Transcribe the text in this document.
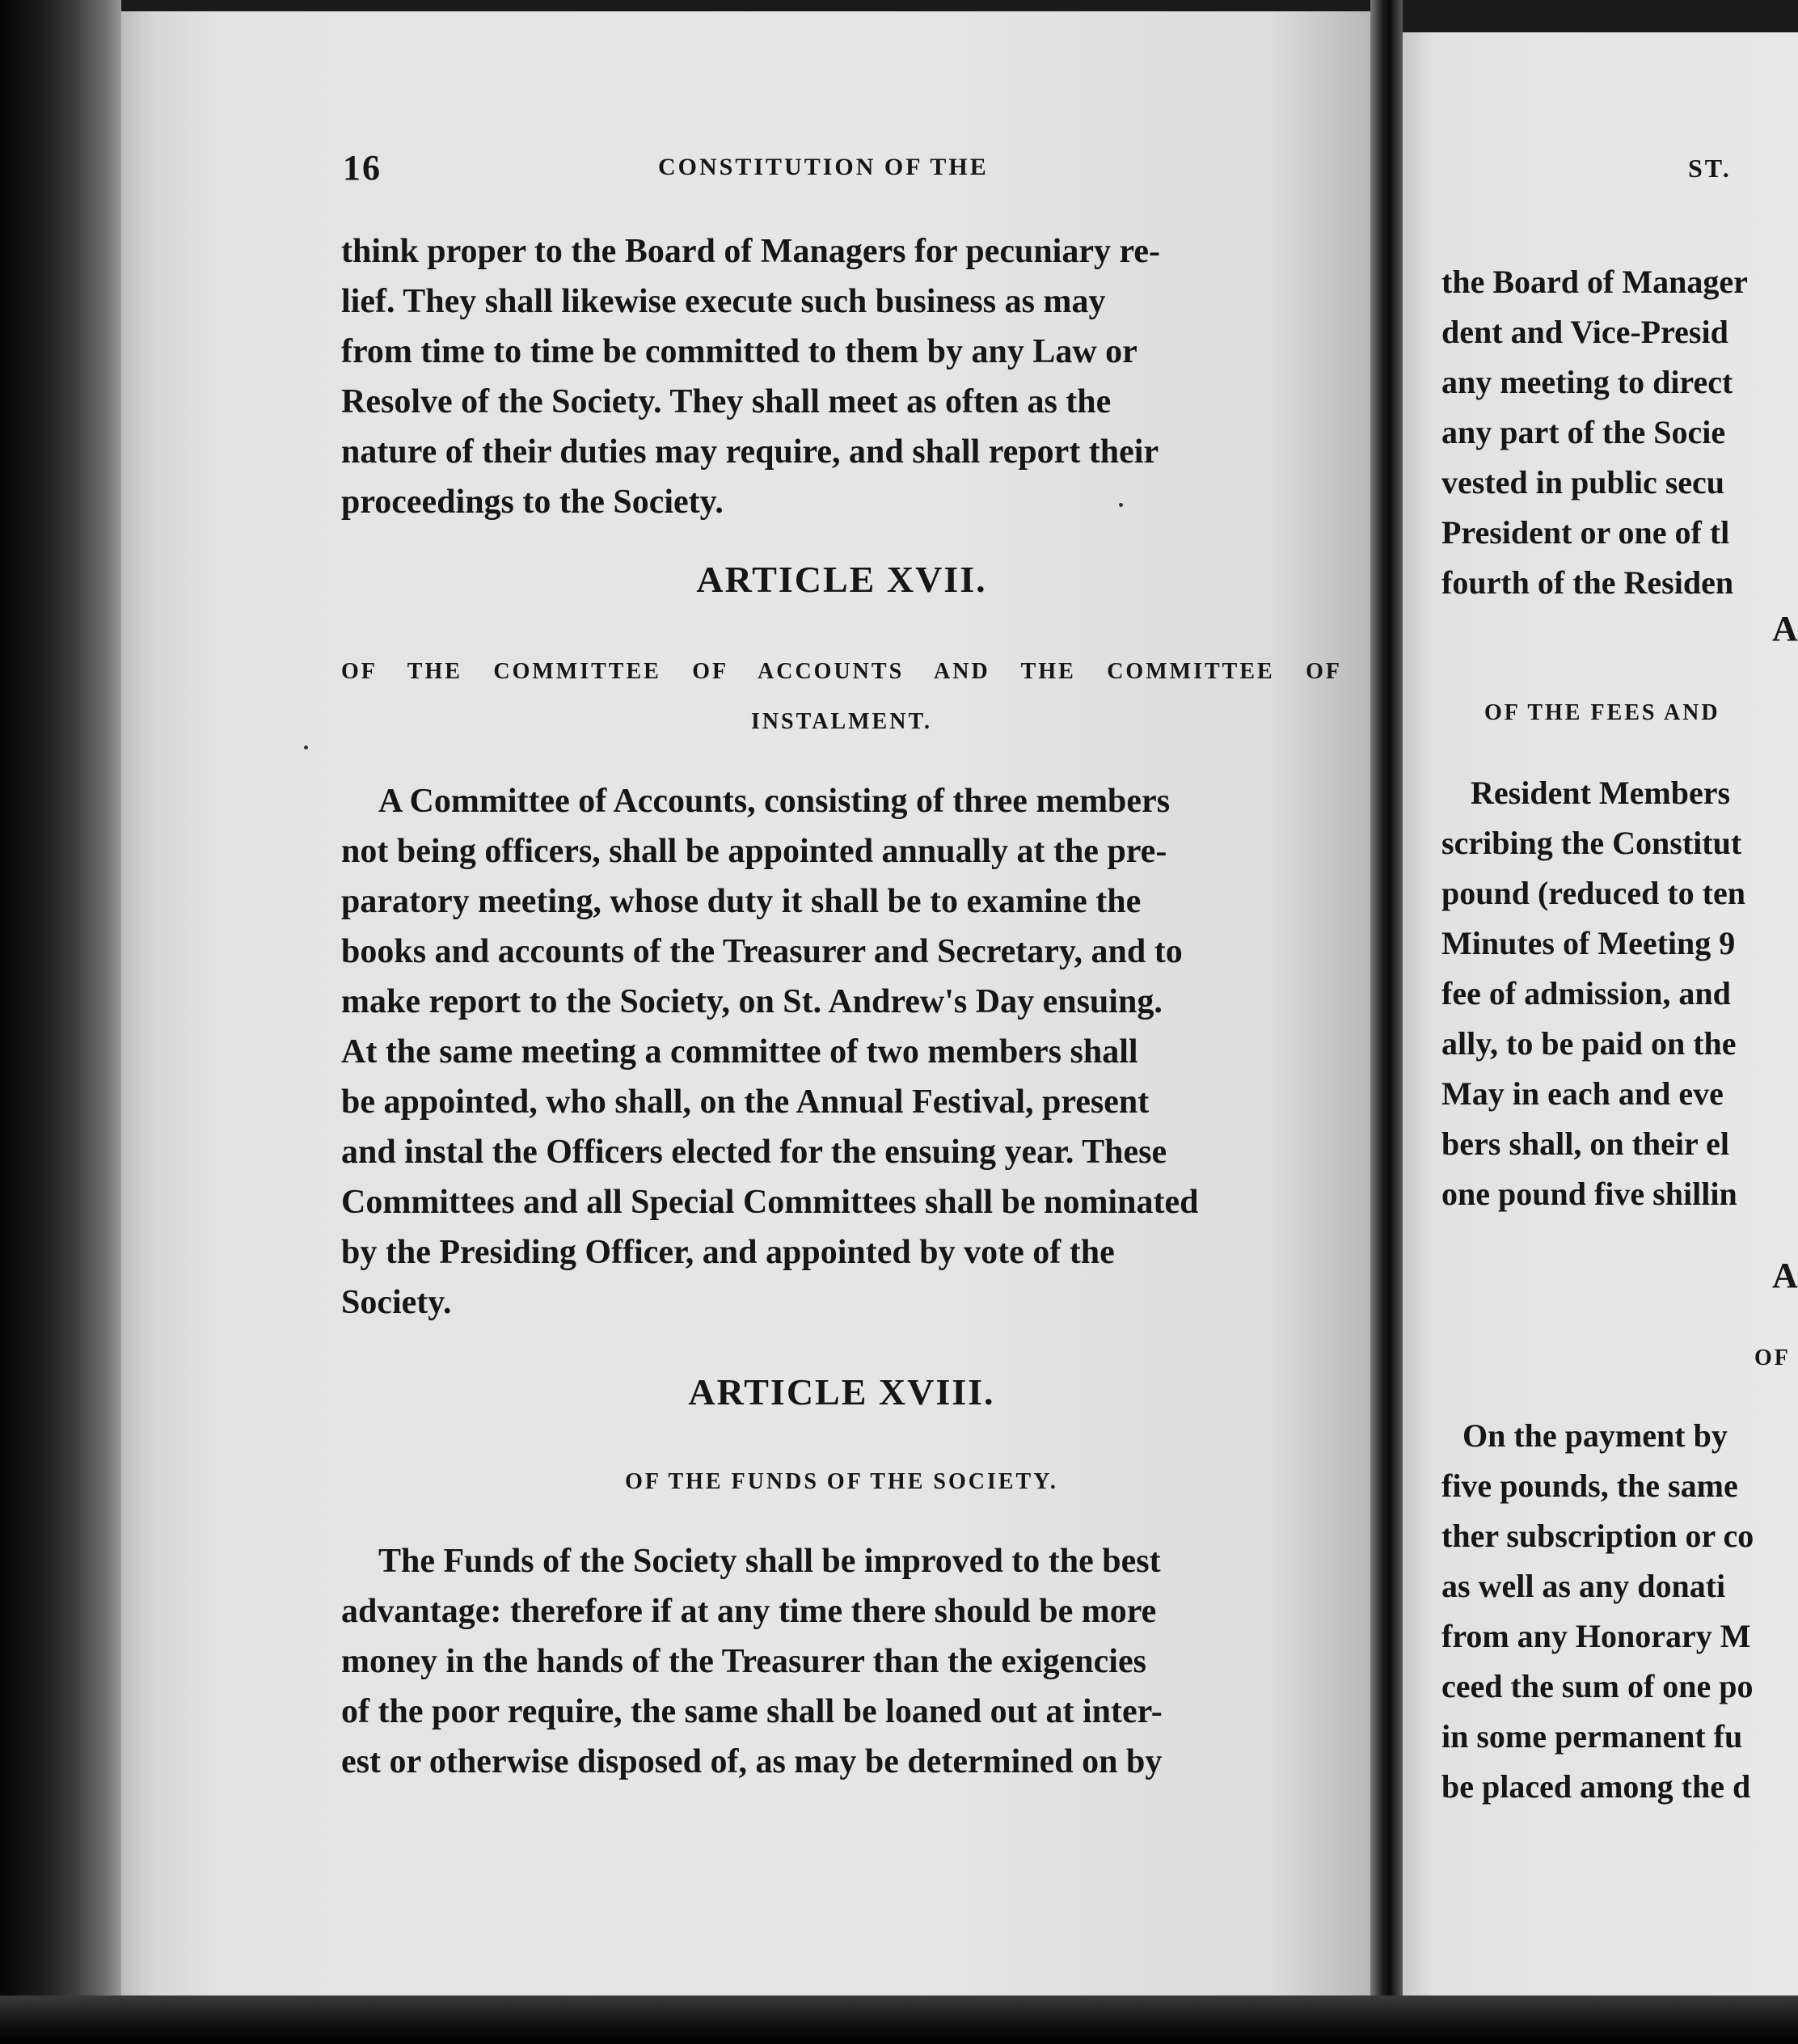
16	CONSTITUTION OF THE

think proper to the Board of Managers for pecuniary re-

lief. They shall likewise execute such business as may

from time to time be committed to them by any Law or

Resolve of the Society. They shall meet as often as the

nature of their duties may require, and shall report their

proceedings to the Society.

ARTICLE XVII.
OF THE COMMITTEE OF ACCOUNTS AND THE COMMITTEE OF
INSTALMENT.

A Committee of Accounts, consisting of three members

not being officers, shall be appointed annually at the pre-

paratory meeting, whose duty it shall be to examine the

books and accounts of the Treasurer and Secretary, and to

make report to the Society, on St. Andrew's Day ensuing.

At the same meeting a committee of two members shall

be appointed, who shall, on the Annual Festival, present

and instal the Officers elected for the ensuing year. These

Committees and all Special Committees shall be nominated

by the Presiding Officer, and appointed by vote of the

Society.

ARTICLE XVIII.
OF THE FUNDS OF THE SOCIETY.

The Funds of the Society shall be improved to the best

advantage: therefore if at any time there should be more

money in the hands of the Treasurer than the exigencies

of the poor require, the same shall be loaned out at inter-

est or otherwise disposed of, as may be determined on by

ST.

the Board of Manager

dent and Vice-Presid

any meeting to direct

any part of the Socie

vested in public secu

President or one of tl

fourth of the Residen

A
OF THE FEES AND

Resident Members

scribing the Constitut

pound (reduced to ten

Minutes of Meeting 9

fee of admission, and

ally, to be paid on the

May in each and eve

bers shall, on their el

one pound five shillin

A
OF

On the payment by

five pounds, the same

ther subscription or co

as well as any donati

from any Honorary M

ceed the sum of one po

in some permanent fu

be placed among the d
